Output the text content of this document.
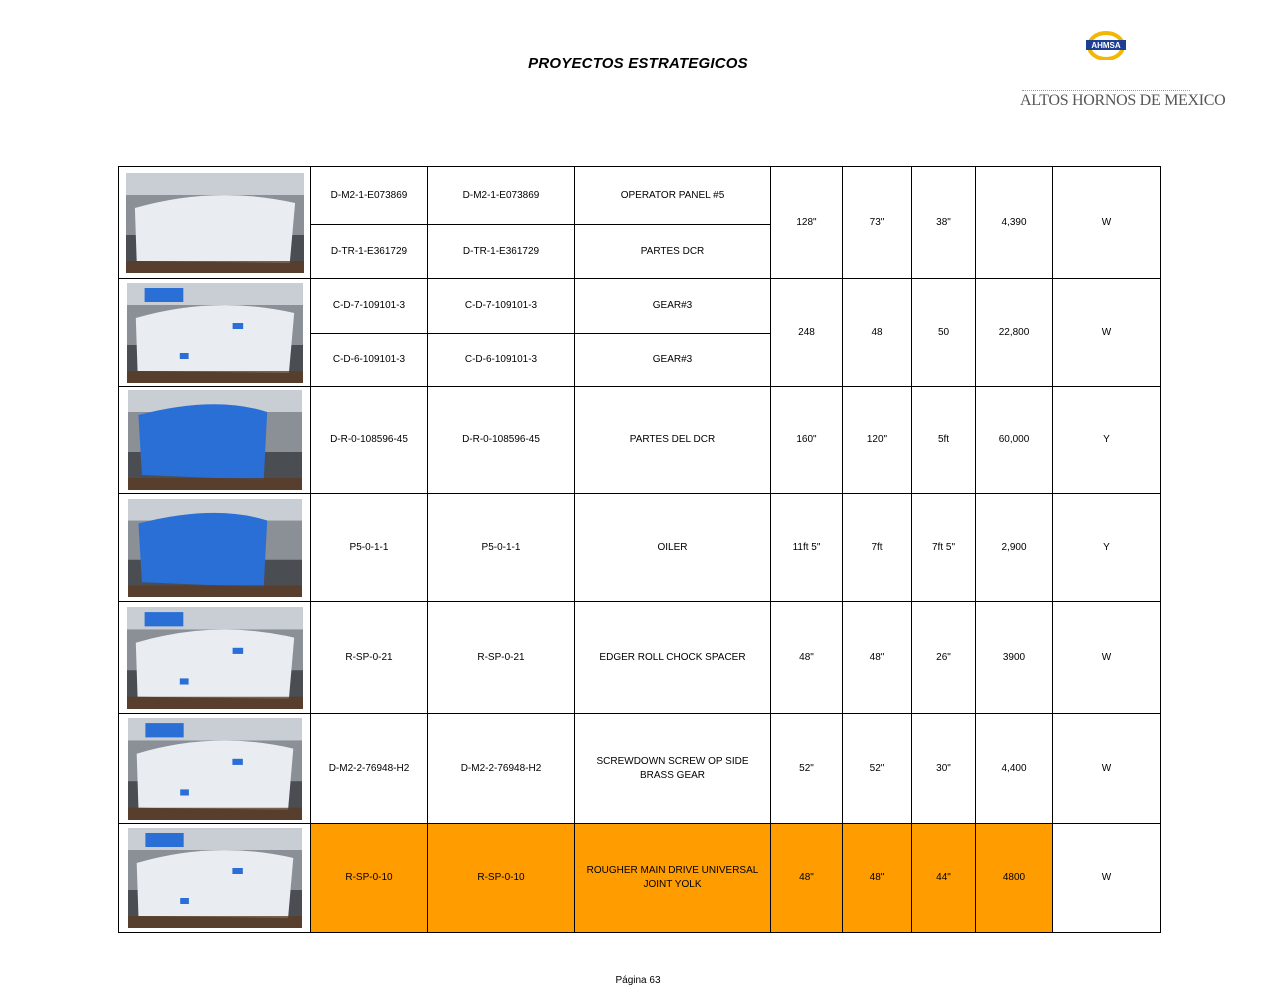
PROYECTOS ESTRATEGICOS
AHMSA
ALTOS HORNOS DE MEXICO
	D-M2-1-E073869	D-M2-1-E073869	OPERATOR PANEL #5	128"	73"	38"	4,390	W
	D-TR-1-E361729	D-TR-1-E361729	PARTES DCR					

	C-D-7-109101-3	C-D-7-109101-3	GEAR#3	248	48	50	22,800	W
	C-D-6-109101-3	C-D-6-109101-3	GEAR#3					

	D-R-0-108596-45	D-R-0-108596-45	PARTES DEL DCR	160"	120"	5ft	60,000	Y

	P5-0-1-1	P5-0-1-1	OILER	11ft 5"	7ft	7ft 5"	2,900	Y

	R-SP-0-21	R-SP-0-21	EDGER ROLL CHOCK SPACER	48"	48"	26"	3900	W

	D-M2-2-76948-H2	D-M2-2-76948-H2	SCREWDOWN SCREW OP SIDE BRASS GEAR	52"	52"	30"	4,400	W

	R-SP-0-10	R-SP-0-10	ROUGHER MAIN DRIVE UNIVERSAL JOINT YOLK	48"	48"	44"	4800	W
Página 63
